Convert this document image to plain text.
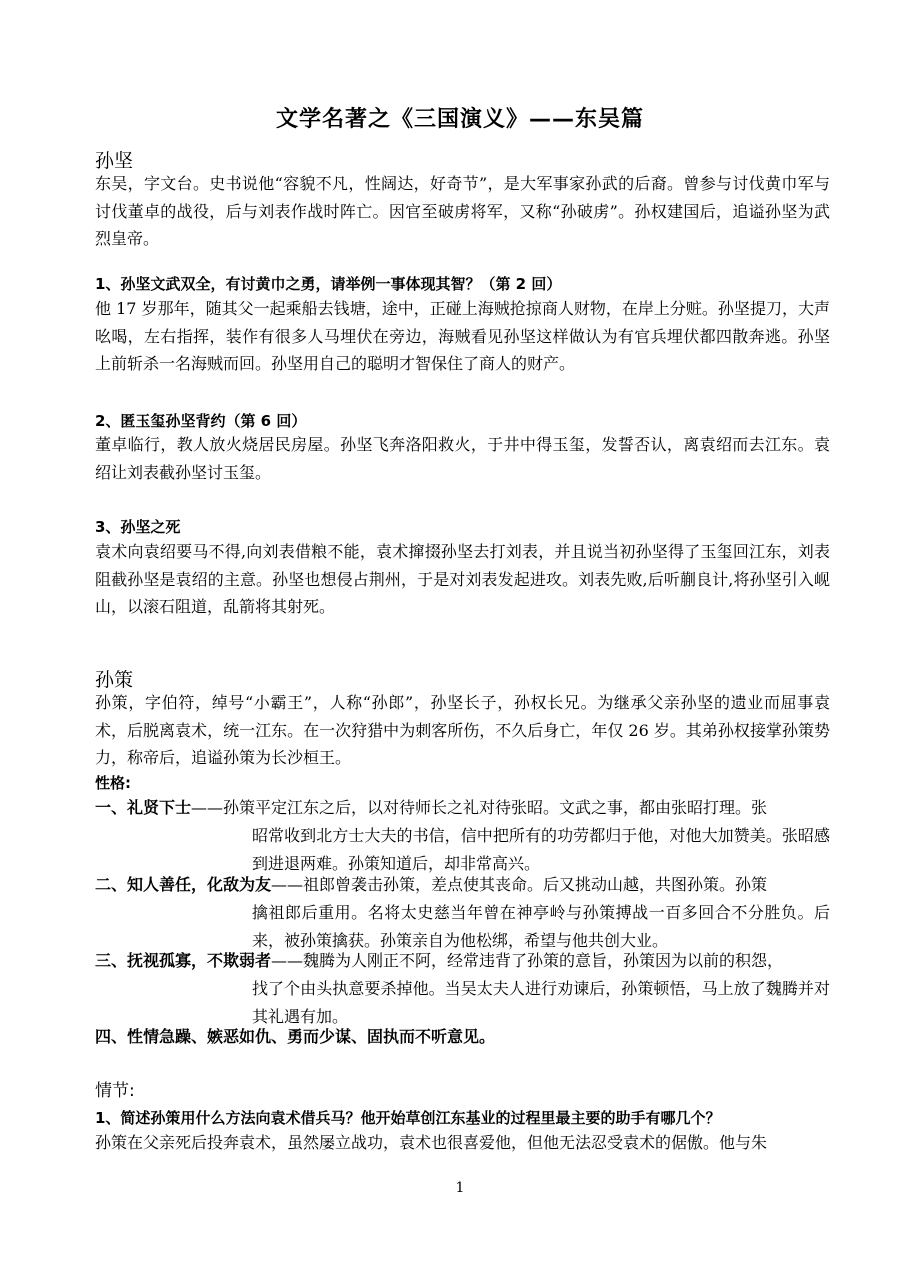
文学名著之《三国演义》——东吴篇
孙坚
东吴，字文台。史书说他“容貌不凡，性阔达，好奇节”，是大军事家孙武的后裔。曾参与讨伐黄巾军与讨伐董卓的战役，后与刘表作战时阵亡。因官至破虏将军，又称“孙破虏”。孙权建国后，追谥孙坚为武烈皇帝。
1、孙坚文武双全，有讨黄巾之勇，请举例一事体现其智？（第 2 回）
他 17 岁那年，随其父一起乘船去钱塘，途中，正碰上海贼抢掠商人财物，在岸上分赃。孙坚提刀，大声吆喝，左右指挥，装作有很多人马埋伏在旁边，海贼看见孙坚这样做认为有官兵埋伏都四散奔逃。孙坚上前斩杀一名海贼而回。孙坚用自己的聪明才智保住了商人的财产。
2、匿玉玺孙坚背约（第 6 回）
董卓临行，教人放火烧居民房屋。孙坚飞奔洛阳救火，于井中得玉玺，发誓否认，离袁绍而去江东。袁绍让刘表截孙坚讨玉玺。
3、孙坚之死
袁术向袁绍要马不得,向刘表借粮不能，袁术撺掇孙坚去打刘表，并且说当初孙坚得了玉玺回江东，刘表阻截孙坚是袁绍的主意。孙坚也想侵占荆州，于是对刘表发起进攻。刘表先败,后听蒯良计,将孙坚引入岘山，以滚石阻道，乱箭将其射死。
孙策
孙策，字伯符，绰号“小霸王”，人称“孙郎”，孙坚长子，孙权长兄。为继承父亲孙坚的遗业而屈事袁术，后脱离袁术，统一江东。在一次狩猎中为刺客所伤，不久后身亡，年仅 26 岁。其弟孙权接掌孙策势力，称帝后，追谥孙策为长沙桓王。
性格:
一、礼贤下士——孙策平定江东之后，以对待师长之礼对待张昭。文武之事，都由张昭打理。张
昭常收到北方士大夫的书信，信中把所有的功劳都归于他，对他大加赞美。张昭感到进退两难。孙策知道后，却非常高兴。
二、知人善任，化敌为友——祖郎曾袭击孙策，差点使其丧命。后又挑动山越，共图孙策。孙策
擒祖郎后重用。名将太史慈当年曾在神亭岭与孙策搏战一百多回合不分胜负。后来，被孙策擒获。孙策亲自为他松绑，希望与他共创大业。
三、抚视孤寡，不欺弱者——魏腾为人刚正不阿，经常违背了孙策的意旨，孙策因为以前的积怨，
找了个由头执意要杀掉他。当吴太夫人进行劝谏后，孙策顿悟，马上放了魏腾并对其礼遇有加。
四、性情急躁、嫉恶如仇、勇而少谋、固执而不听意见。
情节:
1、简述孙策用什么方法向袁术借兵马？他开始草创江东基业的过程里最主要的助手有哪几个？
孙策在父亲死后投奔袁术，虽然屡立战功，袁术也很喜爱他，但他无法忍受袁术的倨傲。他与朱
1
